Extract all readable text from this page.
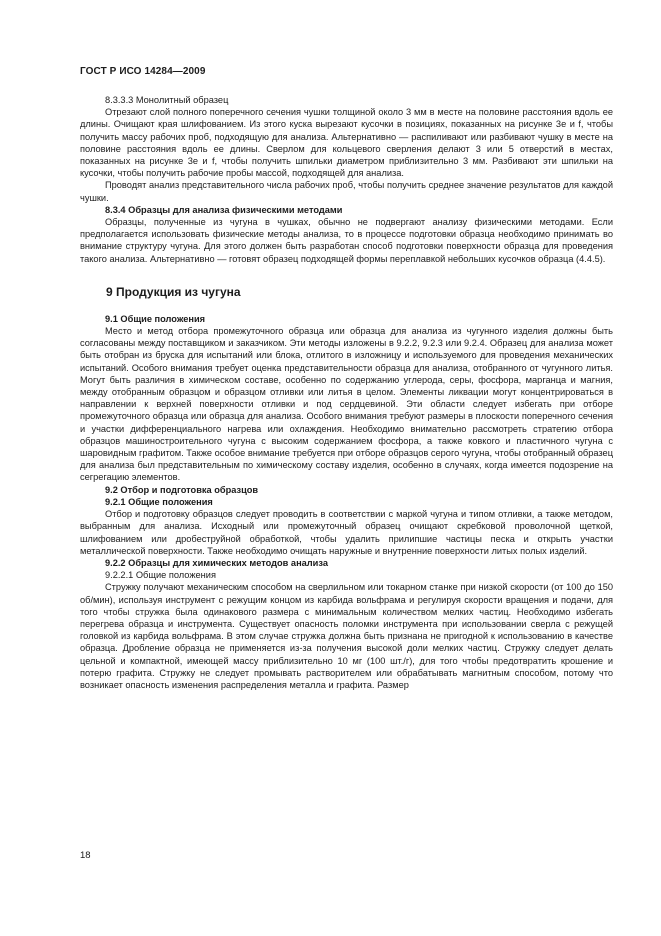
ГОСТ Р ИСО 14284—2009

8.3.3.3 Монолитный образец

Отрезают слой полного поперечного сечения чушки толщиной около 3 мм в месте на половине расстояния вдоль ее длины. Очищают края шлифованием. Из этого куска вырезают кусочки в позициях, показанных на рисунке 3е и f, чтобы получить массу рабочих проб, подходящую для анализа. Альтернативно — распиливают или разбивают чушку в месте на половине расстояния вдоль ее длины. Сверлом для кольцевого сверления делают 3 или 5 отверстий в местах, показанных на рисунке 3е и f, чтобы получить шпильки диаметром приблизительно 3 мм. Разбивают эти шпильки на кусочки, чтобы получить рабочие пробы массой, подходящей для анализа.

Проводят анализ представительного числа рабочих проб, чтобы получить среднее значение результатов для каждой чушки.

8.3.4 Образцы для анализа физическими методами

Образцы, полученные из чугуна в чушках, обычно не подвергают анализу физическими методами. Если предполагается использовать физические методы анализа, то в процессе подготовки образца необходимо принимать во внимание структуру чугуна. Для этого должен быть разработан способ подготовки поверхности образца для проведения такого анализа. Альтернативно — готовят образец подходящей формы переплавкой небольших кусочков образца (4.4.5).

9 Продукция из чугуна

9.1 Общие положения

Место и метод отбора промежуточного образца или образца для анализа из чугунного изделия должны быть согласованы между поставщиком и заказчиком. Эти методы изложены в 9.2.2, 9.2.3 или 9.2.4. Образец для анализа может быть отобран из бруска для испытаний или блока, отлитого в изложницу и используемого для проведения механических испытаний. Особого внимания требует оценка представительности образца для анализа, отобранного от чугунного литья. Могут быть различия в химическом составе, особенно по содержанию углерода, серы, фосфора, марганца и магния, между отобранным образцом и образцом отливки или литья в целом. Элементы ликвации могут концентрироваться в направлении к верхней поверхности отливки и под сердцевиной. Эти области следует избегать при отборе промежуточного образца или образца для анализа. Особого внимания требуют размеры в плоскости поперечного сечения и участки дифференциального нагрева или охлаждения. Необходимо внимательно рассмотреть стратегию отбора образцов машиностроительного чугуна с высоким содержанием фосфора, а также ковкого и пластичного чугуна с шаровидным графитом. Также особое внимание требуется при отборе образцов серого чугуна, чтобы отобранный образец для анализа был представительным по химическому составу изделия, особенно в случаях, когда имеется подозрение на сегрегацию элементов.

9.2 Отбор и подготовка образцов

9.2.1 Общие положения

Отбор и подготовку образцов следует проводить в соответствии с маркой чугуна и типом отливки, а также методом, выбранным для анализа. Исходный или промежуточный образец очищают скребковой проволочной щеткой, шлифованием или дробеструйной обработкой, чтобы удалить прилипшие частицы песка и открыть участки металлической поверхности. Также необходимо очищать наружные и внутренние поверхности литых полых изделий.

9.2.2 Образцы для химических методов анализа

9.2.2.1 Общие положения

Стружку получают механическим способом на сверлильном или токарном станке при низкой скорости (от 100 до 150 об/мин), используя инструмент с режущим концом из карбида вольфрама и регулируя скорости вращения и подачи, для того чтобы стружка была одинакового размера с минимальным количеством мелких частиц. Необходимо избегать перегрева образца и инструмента. Существует опасность поломки инструмента при использовании сверла с режущей головкой из карбида вольфрама. В этом случае стружка должна быть признана не пригодной к использованию в качестве образца. Дробление образца не применяется из-за получения высокой доли мелких частиц. Стружку следует делать цельной и компактной, имеющей массу приблизительно 10 мг (100 шт./г), для того чтобы предотвратить крошение и потерю графита. Стружку не следует промывать растворителем или обрабатывать магнитным способом, потому что возникает опасность изменения распределения металла и графита. Размер

18
